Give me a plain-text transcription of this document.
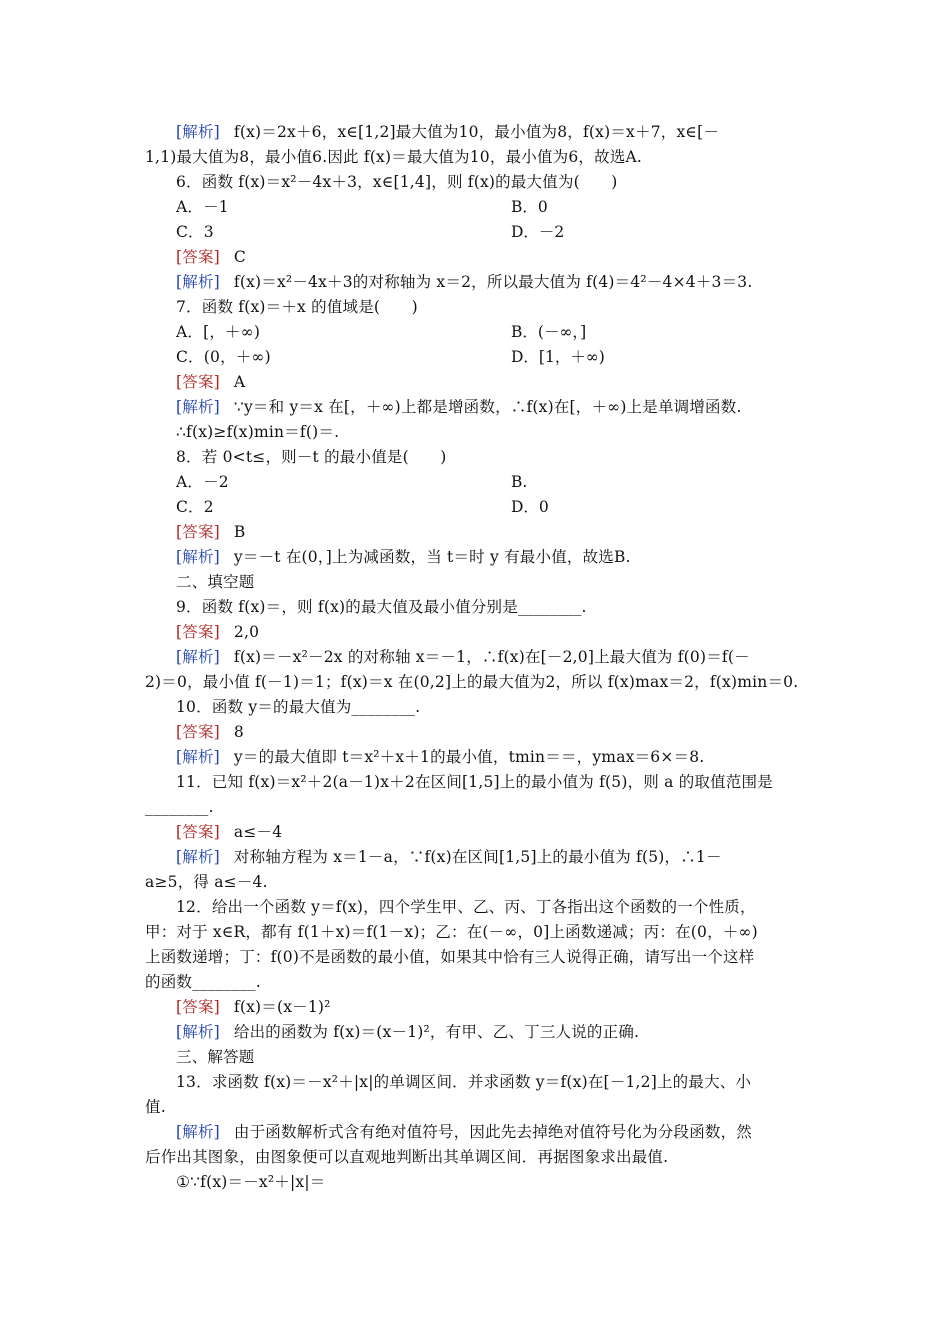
[解析] f(x)＝2x＋6，x∈[1,2]最大值为10，最小值为8，f(x)＝x＋7，x∈[－
1,1)最大值为8，最小值6.因此 f(x)＝最大值为10，最小值为6，故选A.
6．函数 f(x)＝x²－4x＋3，x∈[1,4]，则 f(x)的最大值为(　　)
A．－1	B．0
C．3	D．－2
[答案] C
[解析] f(x)＝x²－4x＋3的对称轴为 x＝2，所以最大值为 f(4)＝4²－4×4＋3＝3.
7．函数 f(x)＝＋x 的值域是(　　)
A．[，＋∞)	B．(－∞，]
C．(0，＋∞)	D．[1，＋∞)
[答案] A
[解析] ∵y＝和 y＝x 在[，＋∞)上都是增函数，∴f(x)在[，＋∞)上是单调增函数.
∴f(x)≥f(x)min＝f()＝.
8．若 0<t≤，则－t 的最小值是(　　)
A．－2	B.
C．2	D．0
[答案] B
[解析] y＝－t 在(0，]上为减函数，当 t＝时 y 有最小值，故选B.
二、填空题
9．函数 f(x)＝，则 f(x)的最大值及最小值分别是________.
[答案] 2,0
[解析] f(x)＝－x²－2x 的对称轴 x＝－1，∴f(x)在[－2,0]上最大值为 f(0)＝f(－
2)＝0，最小值 f(－1)＝1；f(x)＝x 在(0,2]上的最大值为2，所以 f(x)max＝2，f(x)min＝0.
10．函数 y＝的最大值为________.
[答案] 8
[解析] y＝的最大值即 t＝x²＋x＋1的最小值，tmin＝＝，ymax＝6×＝8.
11．已知 f(x)＝x²＋2(a－1)x＋2在区间[1,5]上的最小值为 f(5)，则 a 的取值范围是
________.
[答案] a≤－4
[解析] 对称轴方程为 x＝1－a，∵f(x)在区间[1,5]上的最小值为 f(5)，∴1－
a≥5，得 a≤－4.
12．给出一个函数 y＝f(x)，四个学生甲、乙、丙、丁各指出这个函数的一个性质，
甲：对于 x∈R，都有 f(1＋x)＝f(1－x)；乙：在(－∞，0]上函数递减；丙：在(0，＋∞)
上函数递增；丁：f(0)不是函数的最小值，如果其中恰有三人说得正确，请写出一个这样
的函数________.
[答案] f(x)＝(x－1)²
[解析] 给出的函数为 f(x)＝(x－1)²，有甲、乙、丁三人说的正确.
三、解答题
13．求函数 f(x)＝－x²＋|x|的单调区间．并求函数 y＝f(x)在[－1,2]上的最大、小
值.
[解析] 由于函数解析式含有绝对值符号，因此先去掉绝对值符号化为分段函数，然
后作出其图象，由图象便可以直观地判断出其单调区间．再据图象求出最值.
①∵f(x)＝－x²＋|x|＝
